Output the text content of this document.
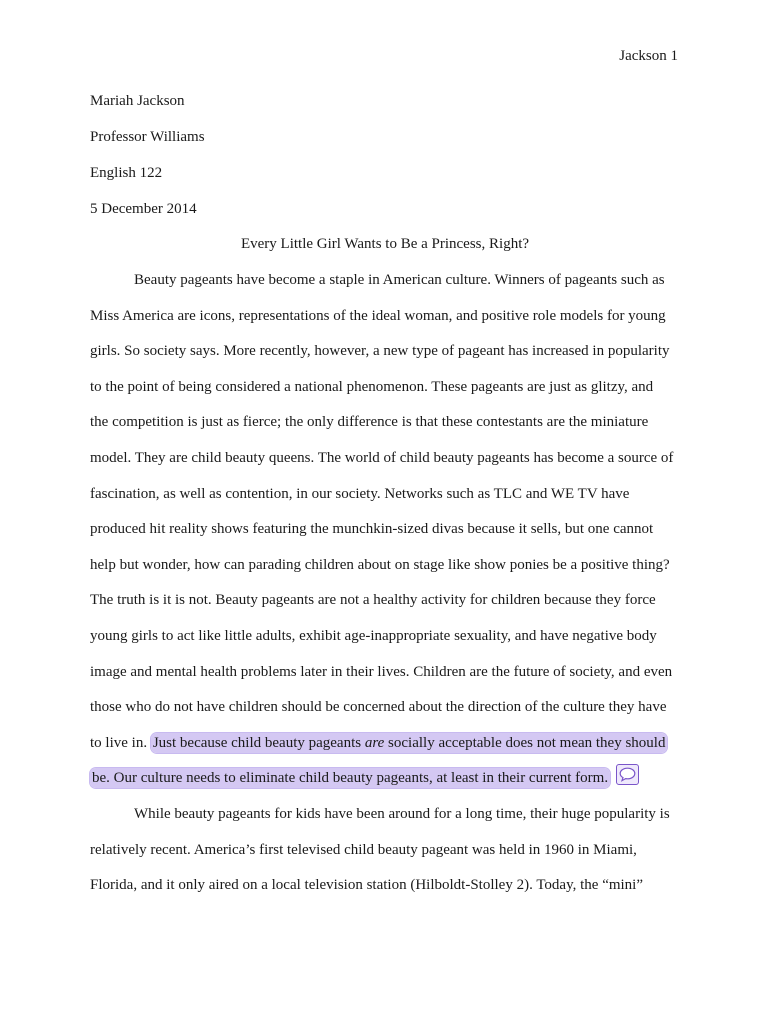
Jackson 1
Mariah Jackson
Professor Williams
English 122
5 December 2014
Every Little Girl Wants to Be a Princess, Right?
Beauty pageants have become a staple in American culture. Winners of pageants such as
Miss America are icons, representations of the ideal woman, and positive role models for young
girls. So society says. More recently, however, a new type of pageant has increased in popularity
to the point of being considered a national phenomenon. These pageants are just as glitzy, and
the competition is just as fierce; the only difference is that these contestants are the miniature
model. They are child beauty queens. The world of child beauty pageants has become a source of
fascination, as well as contention, in our society. Networks such as TLC and WE TV have
produced hit reality shows featuring the munchkin-sized divas because it sells, but one cannot
help but wonder, how can parading children about on stage like show ponies be a positive thing?
The truth is it is not. Beauty pageants are not a healthy activity for children because they force
young girls to act like little adults, exhibit age-inappropriate sexuality, and have negative body
image and mental health problems later in their lives. Children are the future of society, and even
those who do not have children should be concerned about the direction of the culture they have
to live in. Just because child beauty pageants are socially acceptable does not mean they should
be. Our culture needs to eliminate child beauty pageants, at least in their current form.
While beauty pageants for kids have been around for a long time, their huge popularity is
relatively recent. America’s first televised child beauty pageant was held in 1960 in Miami,
Florida, and it only aired on a local television station (Hilboldt-Stolley 2). Today, the “mini”
